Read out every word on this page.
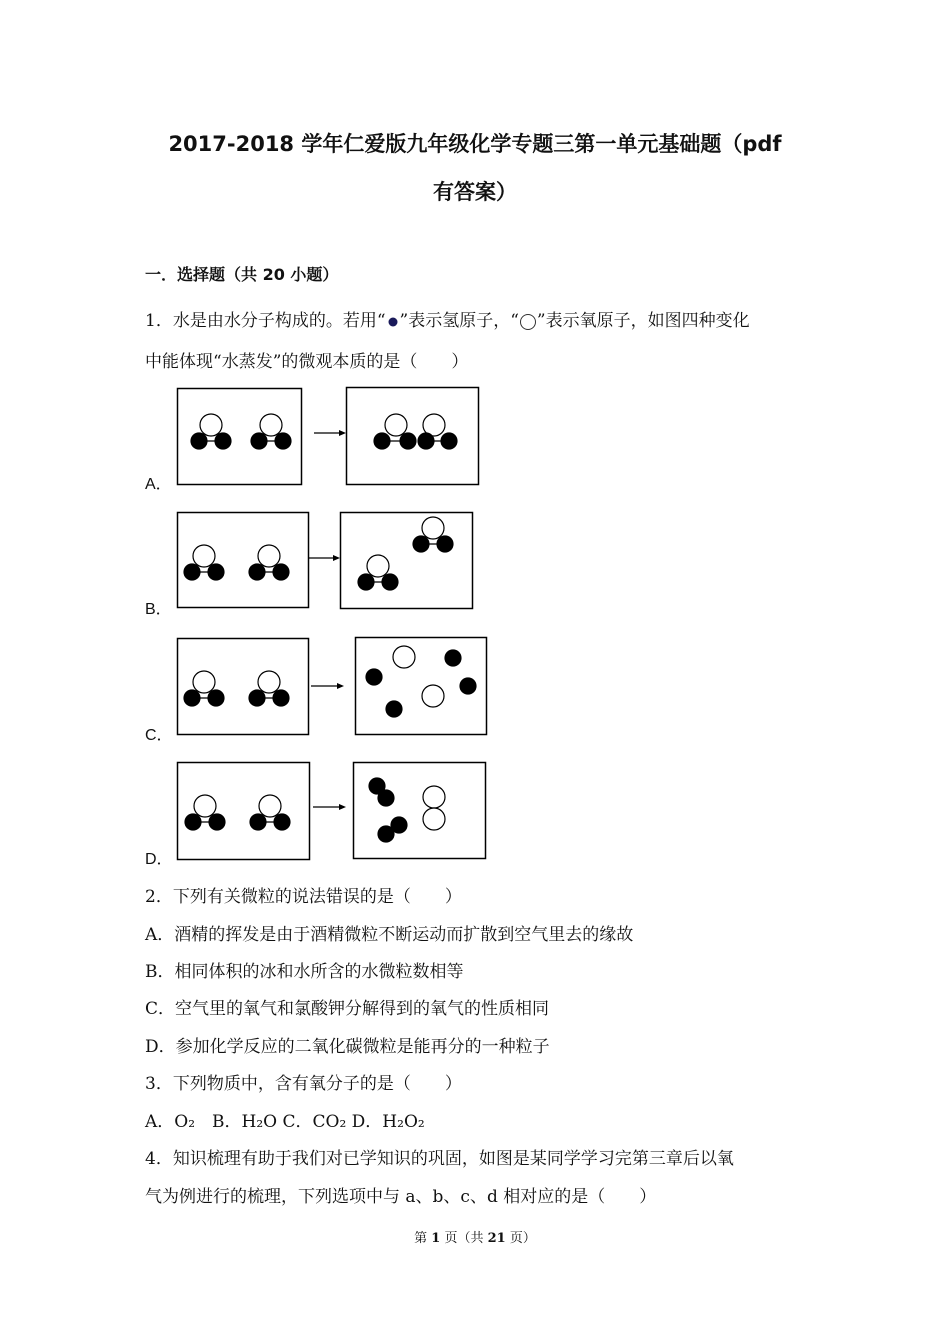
2017-2018 学年仁爱版九年级化学专题三第一单元基础题（pdf
有答案）
一．选择题（共 20 小题）
1．水是由水分子构成的。若用“ ”表示氢原子，“ ”表示氧原子，如图四种变化
中能体现“水蒸发”的微观本质的是（　　）
A．
B．
C．
D．
2．下列有关微粒的说法错误的是（　　）
A．酒精的挥发是由于酒精微粒不断运动而扩散到空气里去的缘故
B．相同体积的冰和水所含的水微粒数相等
C．空气里的氧气和氯酸钾分解得到的氧气的性质相同
D．参加化学反应的二氧化碳微粒是能再分的一种粒子
3．下列物质中，含有氧分子的是（　　）
A．O₂　B．H₂O C．CO₂ D．H₂O₂
4．知识梳理有助于我们对已学知识的巩固，如图是某同学学习完第三章后以氧
气为例进行的梳理，下列选项中与 a、b、c、d 相对应的是（　　）
第 1 页（共 21 页）
